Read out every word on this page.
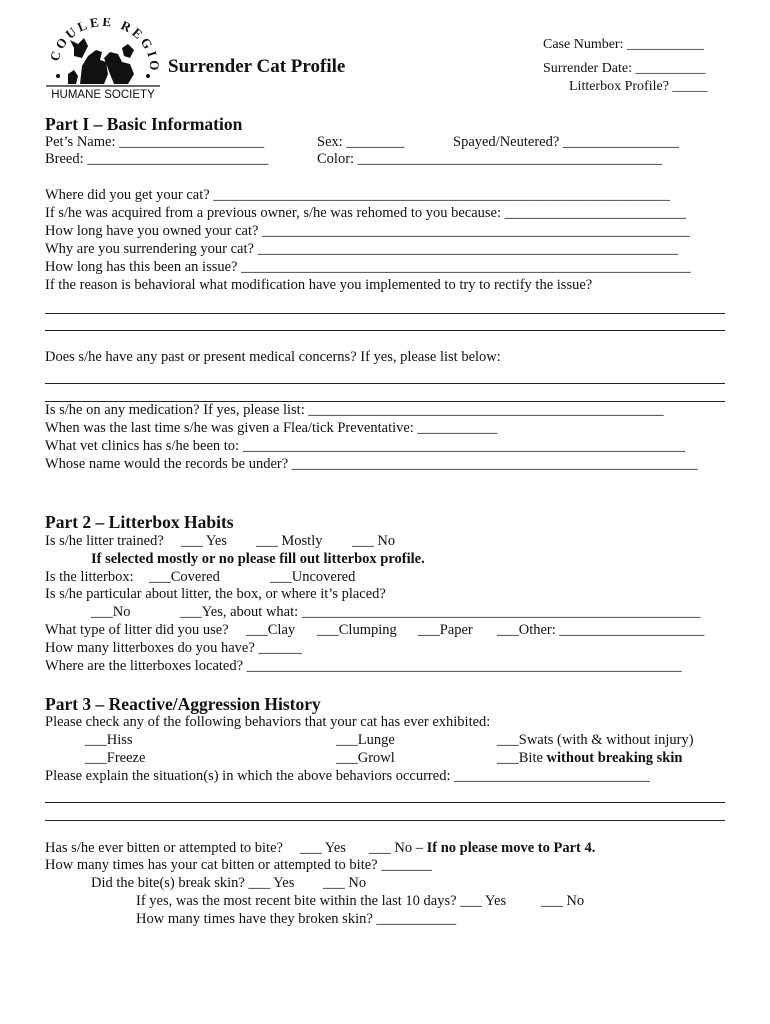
COULEE REGIO
HUMANE SOCIETY
Surrender Cat Profile
Case Number: ___________
Surrender Date: __________
Litterbox Profile? _____
Part I – Basic Information
Pet’s Name: ____________________	Sex: ________	Spayed/Neutered? ________________
Breed: _________________________	Color: __________________________________________
Where did you get your cat? _______________________________________________________________
If s/he was acquired from a previous owner, s/he was rehomed to you because: _________________________
How long have you owned your cat? ___________________________________________________________
Why are you surrendering your cat? __________________________________________________________
How long has this been an issue? ______________________________________________________________
If the reason is behavioral what modification have you implemented to try to rectify the issue?
Does s/he have any past or present medical concerns? If yes, please list below:
Is s/he on any medication? If yes, please list: _________________________________________________
When was the last time s/he was given a Flea/tick Preventative: ___________
What vet clinics has s/he been to: _____________________________________________________________
Whose name would the records be under? ________________________________________________________
Part 2 – Litterbox Habits
Is s/he litter trained? ___ Yes ___ Mostly ___ No
If selected mostly or no please fill out litterbox profile.
Is the litterbox: ___Covered	___Uncovered
Is s/he particular about litter, the box, or where it’s placed?
___No	___Yes, about what: _______________________________________________________
What type of litter did you use? ___Clay ___Clumping ___Paper ___Other: ____________________
How many litterboxes do you have? ______
Where are the litterboxes located? ____________________________________________________________
Part 3 – Reactive/Aggression History
Please check any of the following behaviors that your cat has ever exhibited:
___Hiss	___Lunge	___Swats (with & without injury)
___Freeze	___Growl	___Bite without breaking skin
Please explain the situation(s) in which the above behaviors occurred: ___________________________
Has s/he ever bitten or attempted to bite? ___ Yes ___ No – If no please move to Part 4.
How many times has your cat bitten or attempted to bite? _______
Did the bite(s) break skin? ___ Yes ___ No
If yes, was the most recent bite within the last 10 days? ___ Yes ___ No
How many times have they broken skin? ___________
